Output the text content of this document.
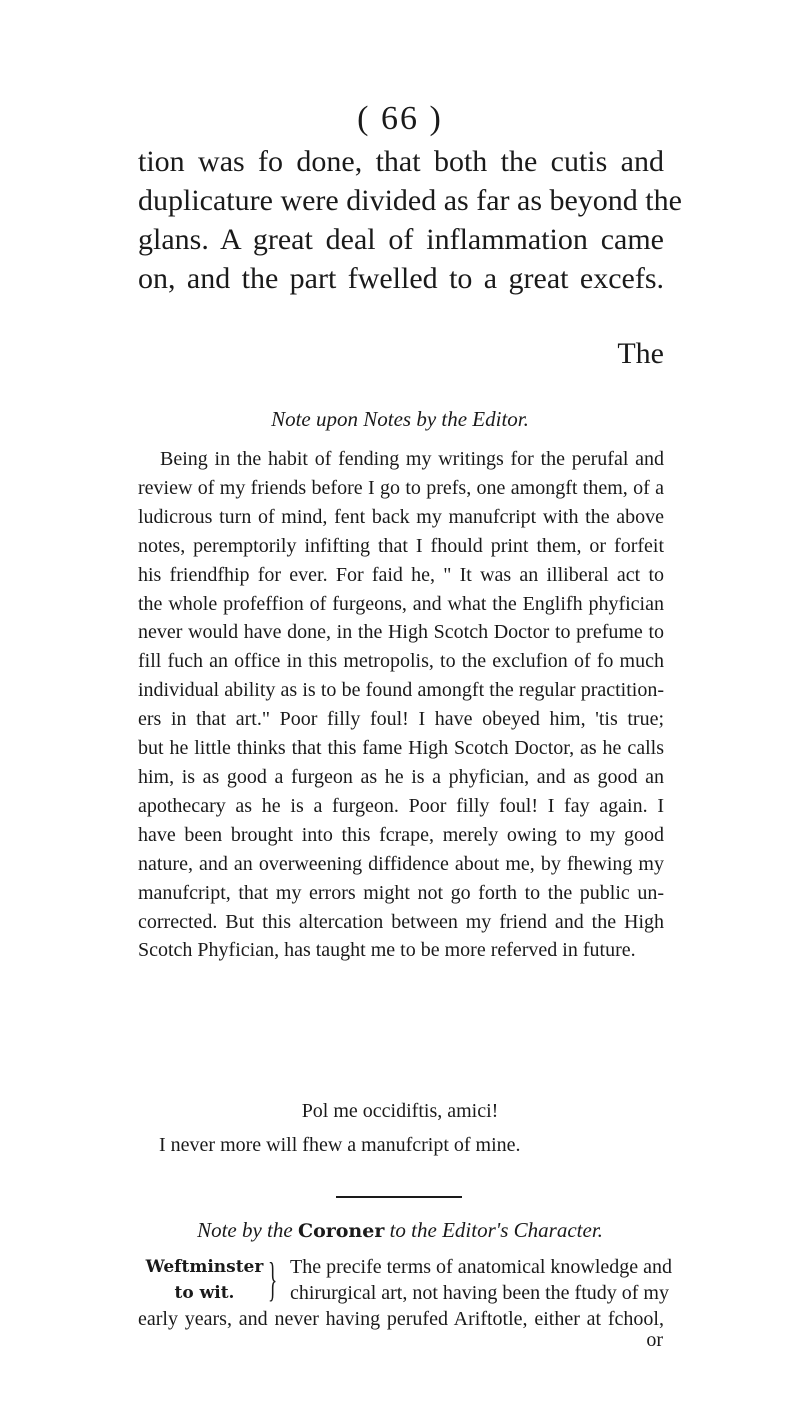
( 66 )
tion was fo done, that both the cutis and
duplicature were divided as far as beyond the
glans. A great deal of inflammation came
on, and the part fwelled to a great excefs.
The
Note upon Notes by the Editor.
Being in the habit of fending my writings for the perufal and
review of my friends before I go to prefs, one amongft them, of a
ludicrous turn of mind, fent back my manufcript with the above
notes, peremptorily infifting that I fhould print them, or forfeit
his friendfhip for ever. For faid he, " It was an illiberal act to
the whole profeffion of furgeons, and what the Englifh phyfician
never would have done, in the High Scotch Doctor to prefume to
fill fuch an office in this metropolis, to the exclufion of fo much
individual ability as is to be found amongft the regular practition-
ers in that art." Poor filly foul! I have obeyed him, 'tis true;
but he little thinks that this fame High Scotch Doctor, as he calls
him, is as good a furgeon as he is a phyfician, and as good an
apothecary as he is a furgeon. Poor filly foul! I fay again. I
have been brought into this fcrape, merely owing to my good
nature, and an overweening diffidence about me, by fhewing my
manufcript, that my errors might not go forth to the public un-
corrected. But this altercation between my friend and the High
Scotch Phyfician, has taught me to be more referved in future.
Pol me occidiftis, amici!
I never more will fhew a manufcript of mine.
Note by the Coroner to the Editor's Character.
Weftminster
to wit. } The precife terms of anatomical knowledge and
chirurgical art, not having been the ftudy of my
early years, and never having perufed Ariftotle, either at fchool,
or
